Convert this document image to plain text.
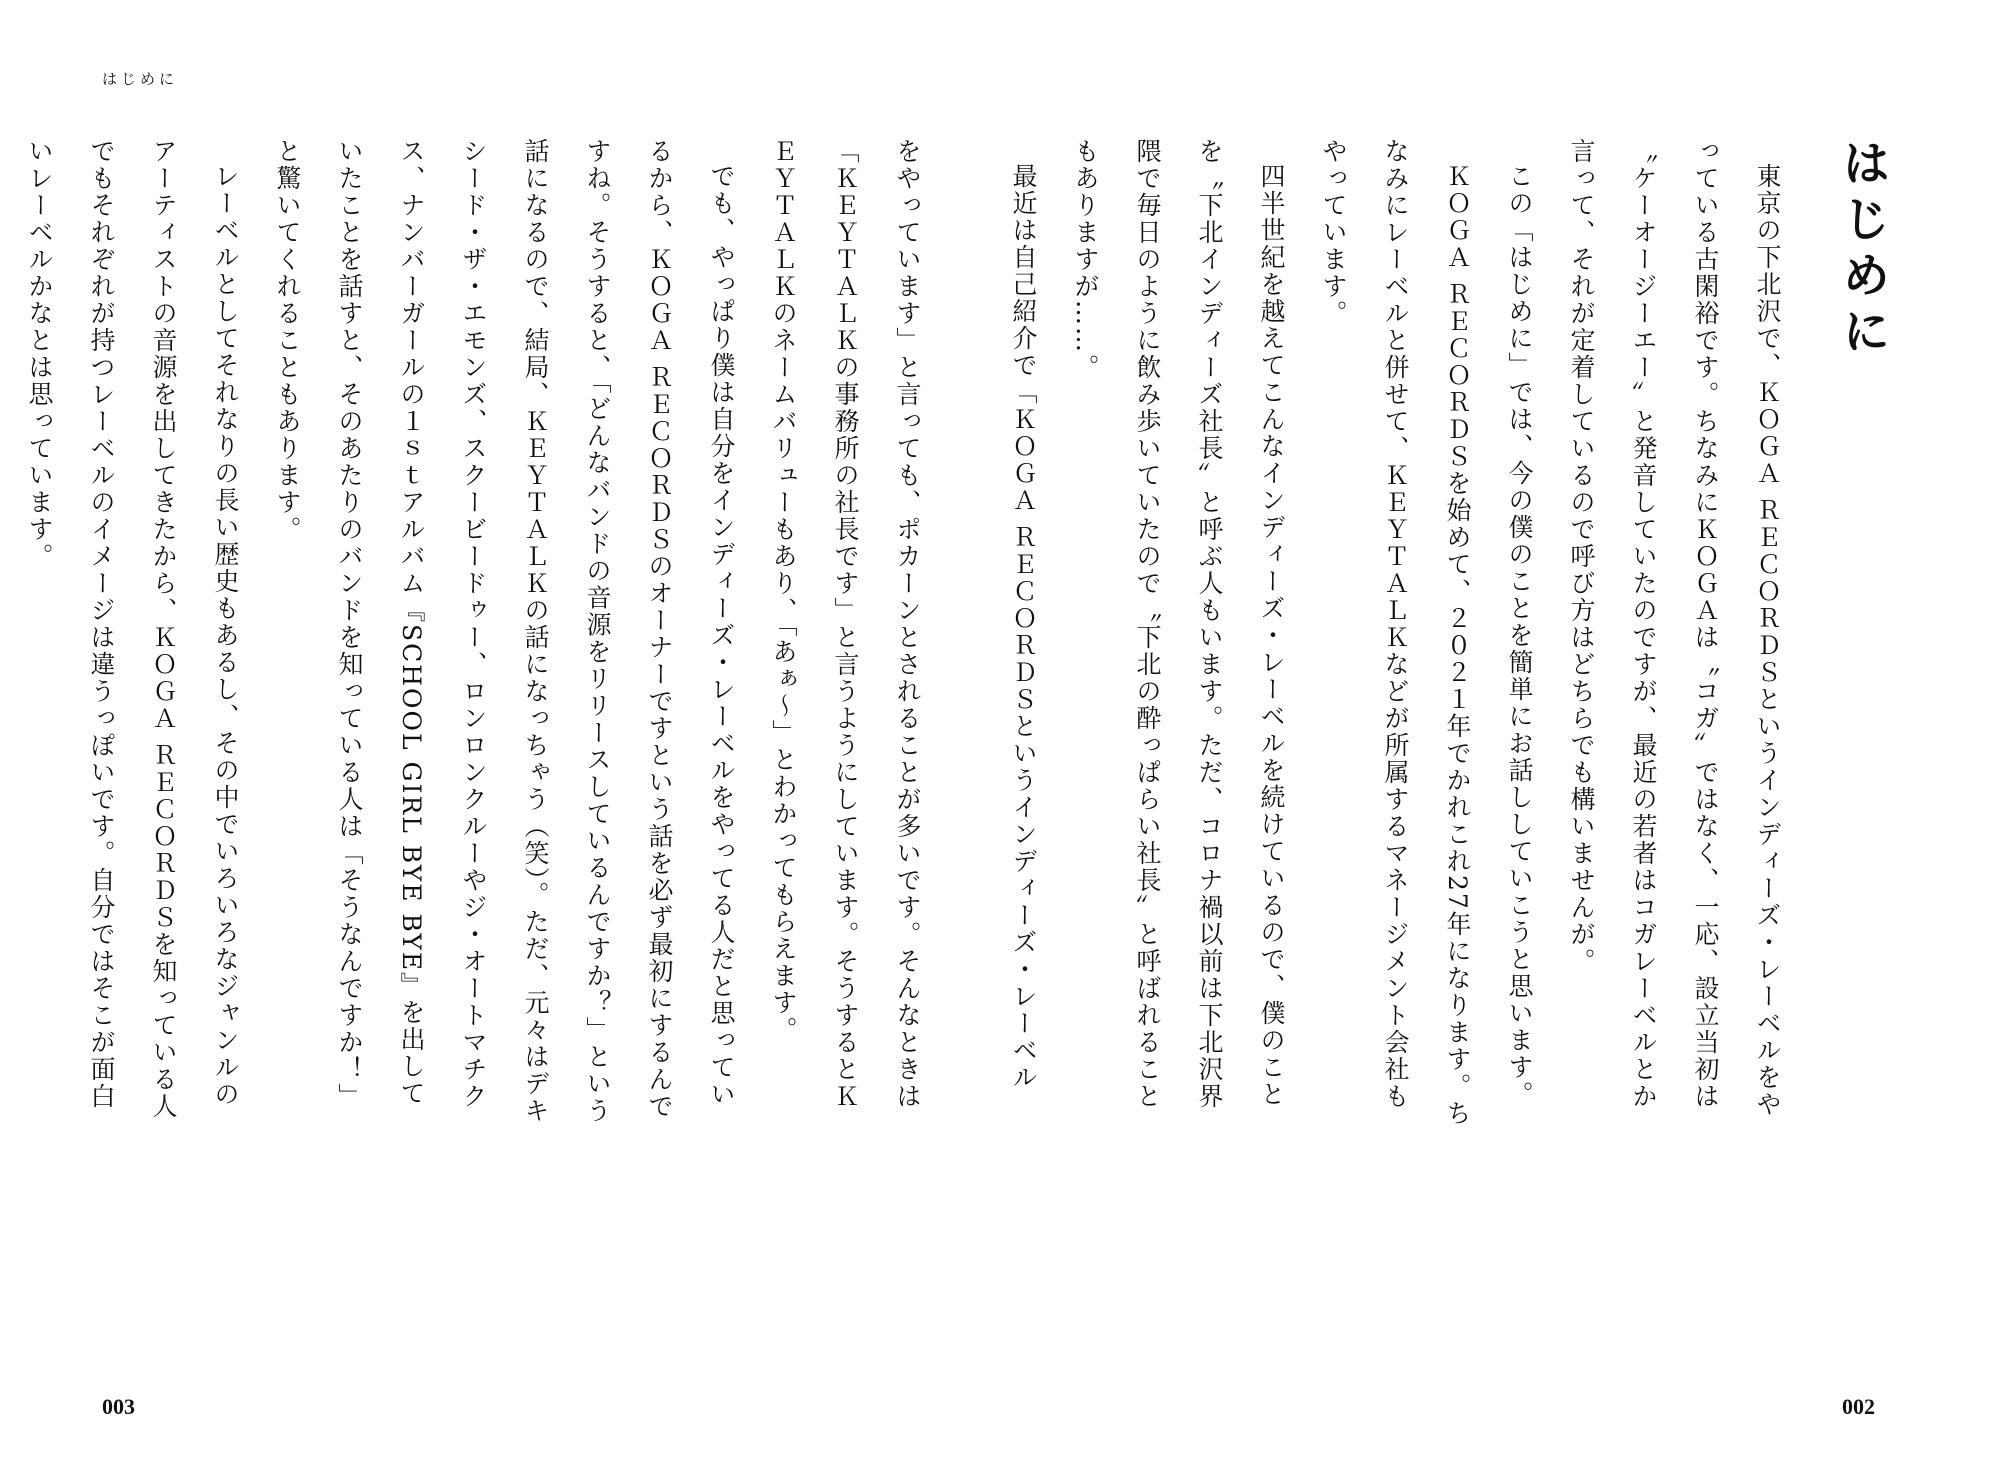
はじめに
はじめに

東京の下北沢で、ＫＯＧＡ ＲＥＣＯＲＤＳというインディーズ・レーベルをやっている古閑裕です。ちなみにＫＯＧＡは〝コガ〟ではなく、一応、設立当初は〝ケーオージーエー〟と発音していたのですが、最近の若者はコガレーベルとか言って、それが定着しているので呼び方はどちらでも構いませんが。

この「はじめに」では、今の僕のことを簡単にお話ししていこうと思います。

ＫＯＧＡ ＲＥＣＯＲＤＳを始めて、２０２１年でかれこれ27年になります。ちなみにレーベルと併せて、ＫＥＹＴＡＬＫなどが所属するマネージメント会社もやっています。

四半世紀を越えてこんなインディーズ・レーベルを続けているので、僕のことを〝下北インディーズ社長〟と呼ぶ人もいます。ただ、コロナ禍以前は下北沢界隈で毎日のように飲み歩いていたので〝下北の酔っぱらい社長〟と呼ばれることもありますが……。

最近は自己紹介で「ＫＯＧＡ ＲＥＣＯＲＤＳというインディーズ・レーベル

をやっています」と言っても、ポカーンとされることが多いです。そんなときは「ＫＥＹＴＡＬＫの事務所の社長です」と言うようにしています。そうするとＫＥＹＴＡＬＫのネームバリューもあり、「あぁ〜」とわかってもらえます。

でも、やっぱり僕は自分をインディーズ・レーベルをやってる人だと思っているから、ＫＯＧＡ ＲＥＣＯＲＤＳのオーナーですという話を必ず最初にするんですね。そうすると、「どんなバンドの音源をリリースしているんですか？」という話になるので、結局、ＫＥＹＴＡＬＫの話になっちゃう（笑）。ただ、元々はデキシード・ザ・エモンズ、スクービードゥー、ロンロンクルーやジ・オートマチクス、ナンバーガールの１ｓｔアルバム『SCHOOL GIRL BYE BYE』を出していたことを話すと、そのあたりのバンドを知っている人は「そうなんですか！」と驚いてくれることもあります。

レーベルとしてそれなりの長い歴史もあるし、その中でいろいろなジャンルのアーティストの音源を出してきたから、ＫＯＧＡ ＲＥＣＯＲＤＳを知っている人でもそれぞれが持つレーベルのイメージは違うっぽいです。自分ではそこが面白いレーベルかなとは思っています。

003	002
